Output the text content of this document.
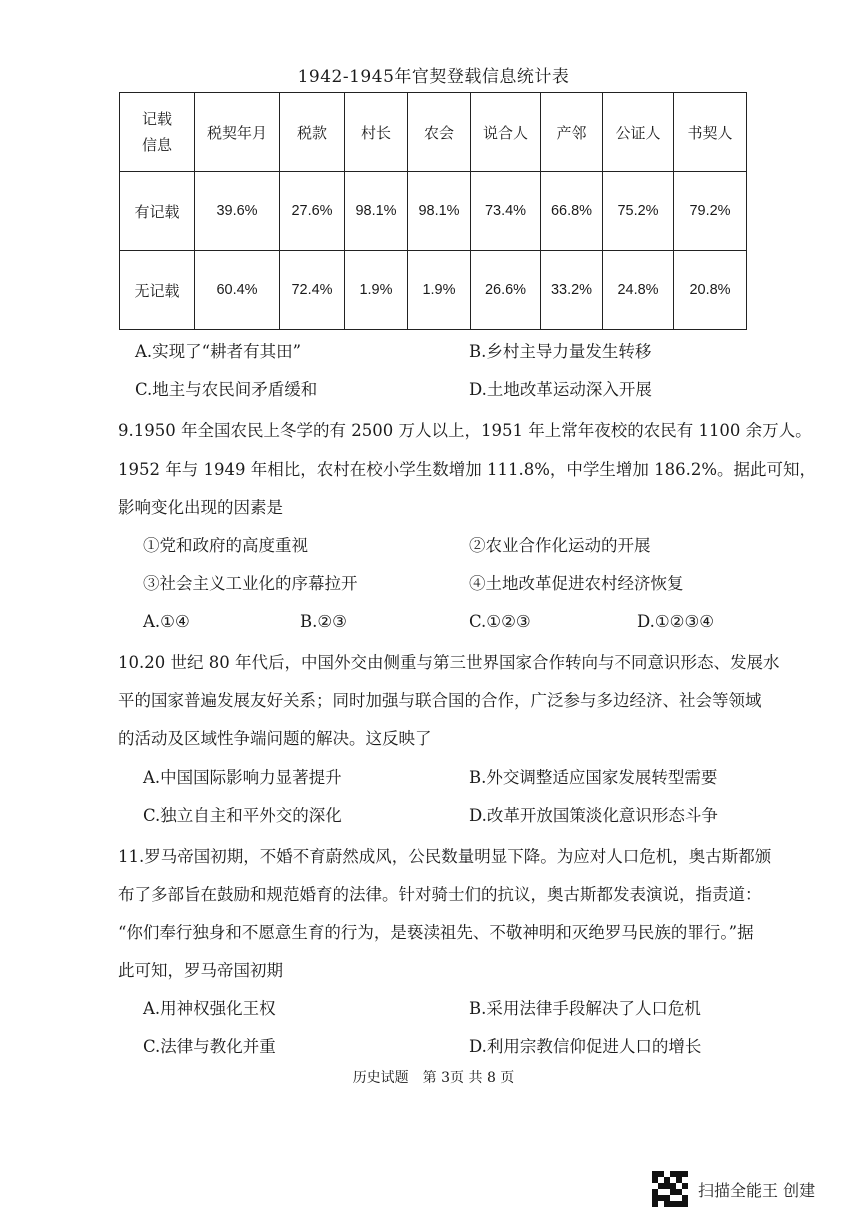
1942-1945年官契登载信息统计表
记载
信息	税契年月	税款	村长	农会	说合人	产邻	公证人	书契人
有记载	39.6%	27.6%	98.1%	98.1%	73.4%	66.8%	75.2%	79.2%
无记载	60.4%	72.4%	1.9%	1.9%	26.6%	33.2%	24.8%	20.8%
A.实现了“耕者有其田”	B.乡村主导力量发生转移
C.地主与农民间矛盾缓和	D.土地改革运动深入开展
9.1950 年全国农民上冬学的有 2500 万人以上，1951 年上常年夜校的农民有 1100 余万人。
1952 年与 1949 年相比，农村在校小学生数增加 111.8%，中学生增加 186.2%。据此可知，
影响变化出现的因素是
①党和政府的高度重视	②农业合作化运动的开展
③社会主义工业化的序幕拉开	④土地改革促进农村经济恢复
A.①④	B.②③	C.①②③	D.①②③④
10.20 世纪 80 年代后，中国外交由侧重与第三世界国家合作转向与不同意识形态、发展水
平的国家普遍发展友好关系；同时加强与联合国的合作，广泛参与多边经济、社会等领域
的活动及区域性争端问题的解决。这反映了
A.中国国际影响力显著提升	B.外交调整适应国家发展转型需要
C.独立自主和平外交的深化	D.改革开放国策淡化意识形态斗争
11.罗马帝国初期，不婚不育蔚然成风，公民数量明显下降。为应对人口危机，奥古斯都颁
布了多部旨在鼓励和规范婚育的法律。针对骑士们的抗议，奥古斯都发表演说，指责道：
“你们奉行独身和不愿意生育的行为，是亵渎祖先、不敬神明和灭绝罗马民族的罪行。”据
此可知，罗马帝国初期
A.用神权强化王权	B.采用法律手段解决了人口危机
C.法律与教化并重	D.利用宗教信仰促进人口的增长
历史试题　第 3页 共 8 页
扫描全能王 创建
